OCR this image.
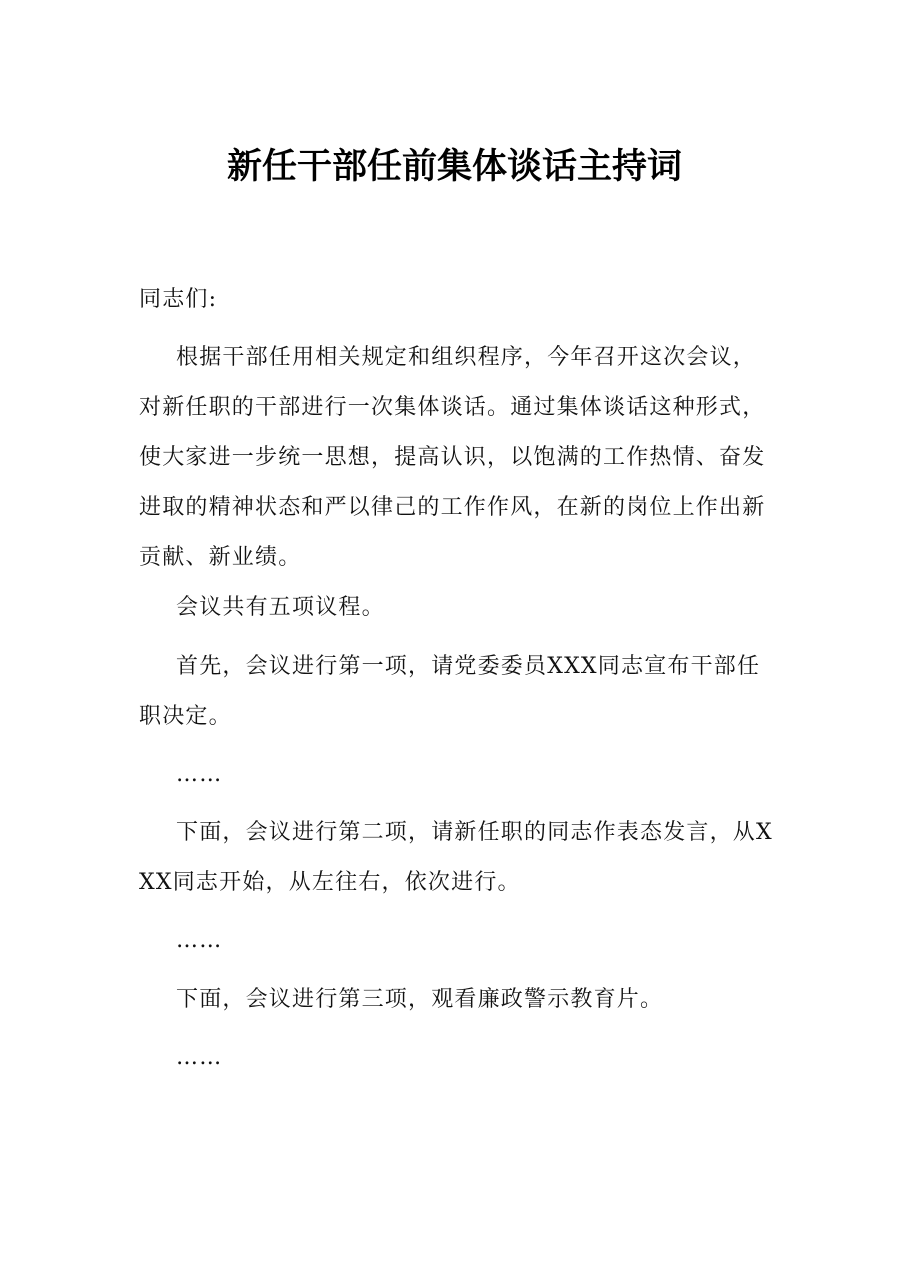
新任干部任前集体谈话主持词

同志们:

根据干部任用相关规定和组织程序，今年召开这次会议，对新任职的干部进行一次集体谈话。通过集体谈话这种形式，使大家进一步统一思想，提高认识，以饱满的工作热情、奋发进取的精神状态和严以律己的工作作风，在新的岗位上作出新贡献、新业绩。

会议共有五项议程。

首先，会议进行第一项，请党委委员XXX同志宣布干部任职决定。

……

下面，会议进行第二项，请新任职的同志作表态发言，从XXX同志开始，从左往右，依次进行。

……

下面，会议进行第三项，观看廉政警示教育片。

……
